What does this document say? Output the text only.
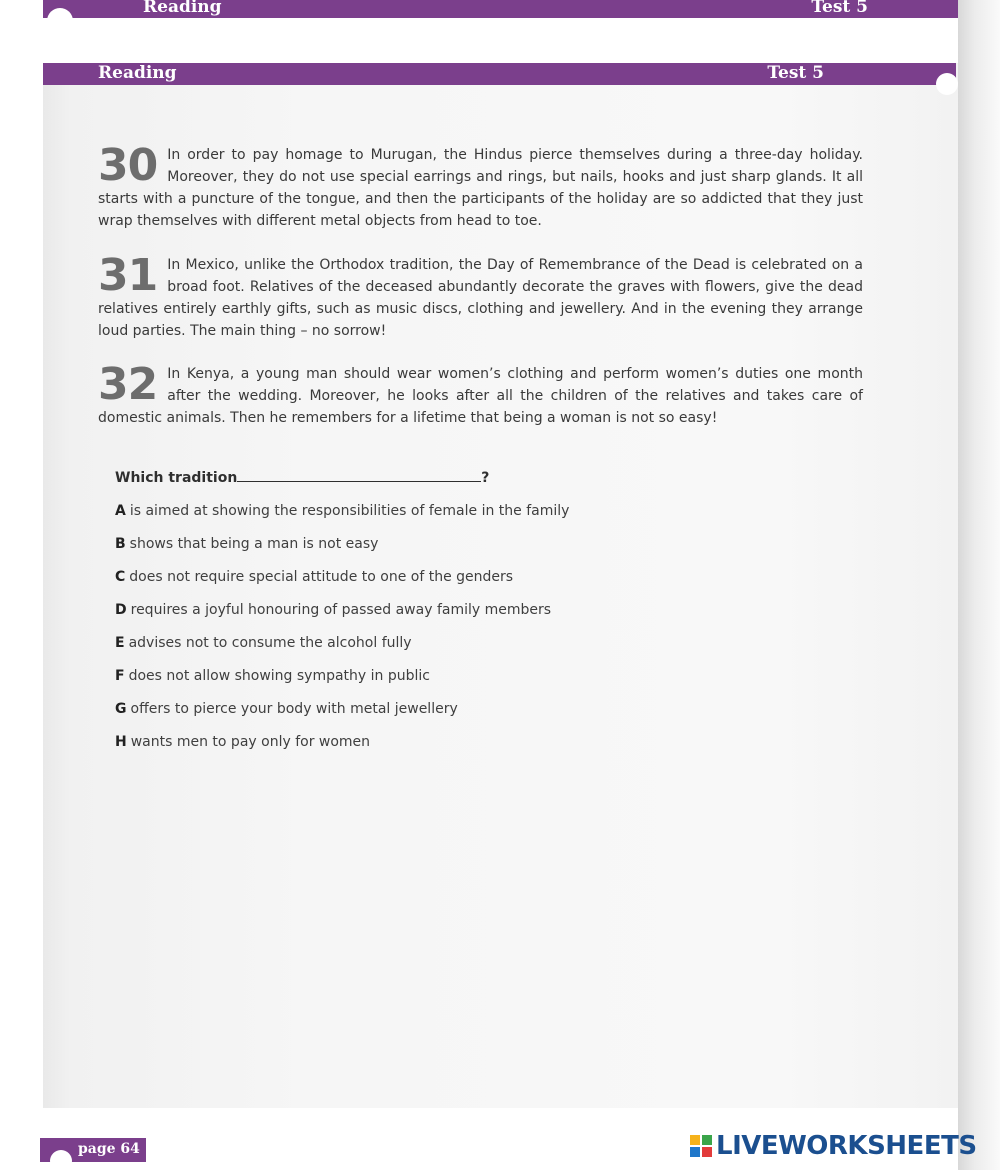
Reading	Test 5
Reading	Test 5
30 In order to pay homage to Murugan, the Hindus pierce themselves during a three-day holiday. Moreover, they do not use special earrings and rings, but nails, hooks and just sharp glands. It all starts with a puncture of the tongue, and then the participants of the holiday are so addicted that they just wrap themselves with different metal objects from head to toe.
31 In Mexico, unlike the Orthodox tradition, the Day of Remembrance of the Dead is celebrated on a broad foot. Relatives of the deceased abundantly decorate the graves with flowers, give the dead relatives entirely earthly gifts, such as music discs, clothing and jewellery. And in the evening they arrange loud parties. The main thing – no sorrow!
32 In Kenya, a young man should wear women’s clothing and perform women’s duties one month after the wedding. Moreover, he looks after all the children of the relatives and takes care of domestic animals. Then he remembers for a lifetime that being a woman is not so easy!
Which tradition	?
A is aimed at showing the responsibilities of female in the family
B shows that being a man is not easy
C does not require special attitude to one of the genders
D requires a joyful honouring of passed away family members
E advises not to consume the alcohol fully
F does not allow showing sympathy in public
G offers to pierce your body with metal jewellery
H wants men to pay only for women
page 64	LIVEWORKSHEETS
